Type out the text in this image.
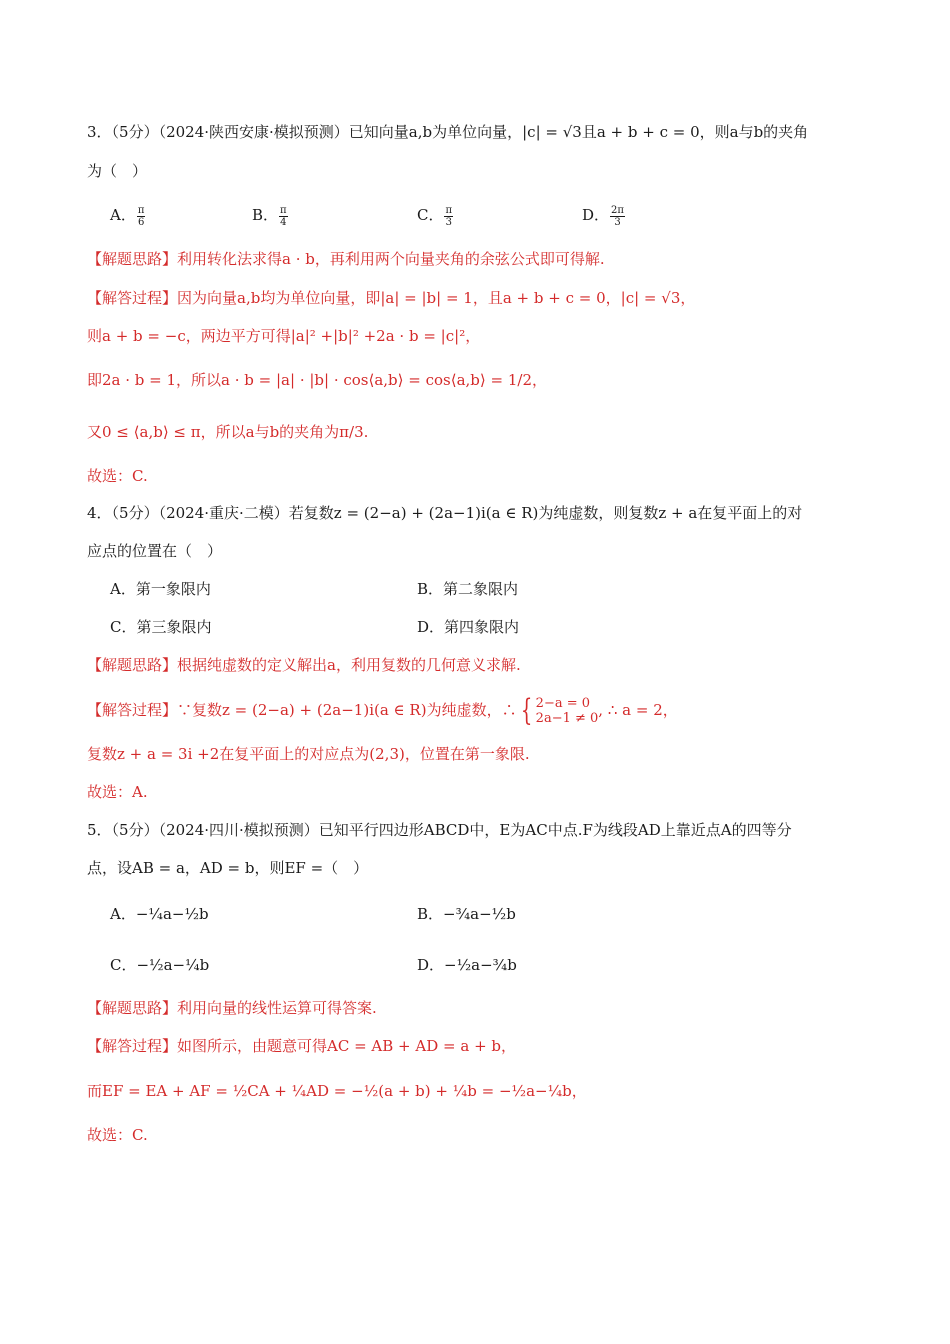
3．（5分）（2024·陕西安康·模拟预测）已知向量a,b为单位向量，|c| = √3且a + b + c = 0，则a与b的夹角
为（　）
A． $\frac{\pi}{6}$	B． $\frac{\pi}{4}$	C． $\frac{\pi}{3}$	D． $\frac{2\pi}{3}$
【解题思路】利用转化法求得a · b，再利用两个向量夹角的余弦公式即可得解.
【解答过程】因为向量a,b均为单位向量，即|a| = |b| = 1，且a + b + c = 0，|c| = √3，
则a + b = −c，两边平方可得|a|² +|b|² +2a · b = |c|²，
即2a · b = 1，所以a · b = |a| · |b| · cos⟨a,b⟩ = cos⟨a,b⟩ = 1/2，
又0 ≤ ⟨a,b⟩ ≤ π，所以a与b的夹角为π/3.
故选：C.
4．（5分）（2024·重庆·二模）若复数z = (2−a) + (2a−1)i(a ∈ R)为纯虚数，则复数z + a在复平面上的对
应点的位置在（　）
A．第一象限内	B．第二象限内
C．第三象限内	D．第四象限内
【解题思路】根据纯虚数的定义解出a，利用复数的几何意义求解.
【解答过程】∵复数z = (2−a) + (2a−1)i(a ∈ R)为纯虚数，∴ { 2−a = 0
2a−1 ≠ 0 , ∴ a = 2，
复数z + a = 3i +2在复平面上的对应点为(2,3)，位置在第一象限.
故选：A.
5．（5分）（2024·四川·模拟预测）已知平行四边形ABCD中，E为AC中点.F为线段AD上靠近点A的四等分
点，设AB = a，AD = b，则EF =（　）
A．−¼a−½b	B．−¾a−½b
C．−½a−¼b	D．−½a−¾b
【解题思路】利用向量的线性运算可得答案.
【解答过程】如图所示，由题意可得AC = AB + AD = a + b，
而EF = EA + AF = ½CA + ¼AD = −½(a + b) + ¼b = −½a−¼b，
故选：C.
